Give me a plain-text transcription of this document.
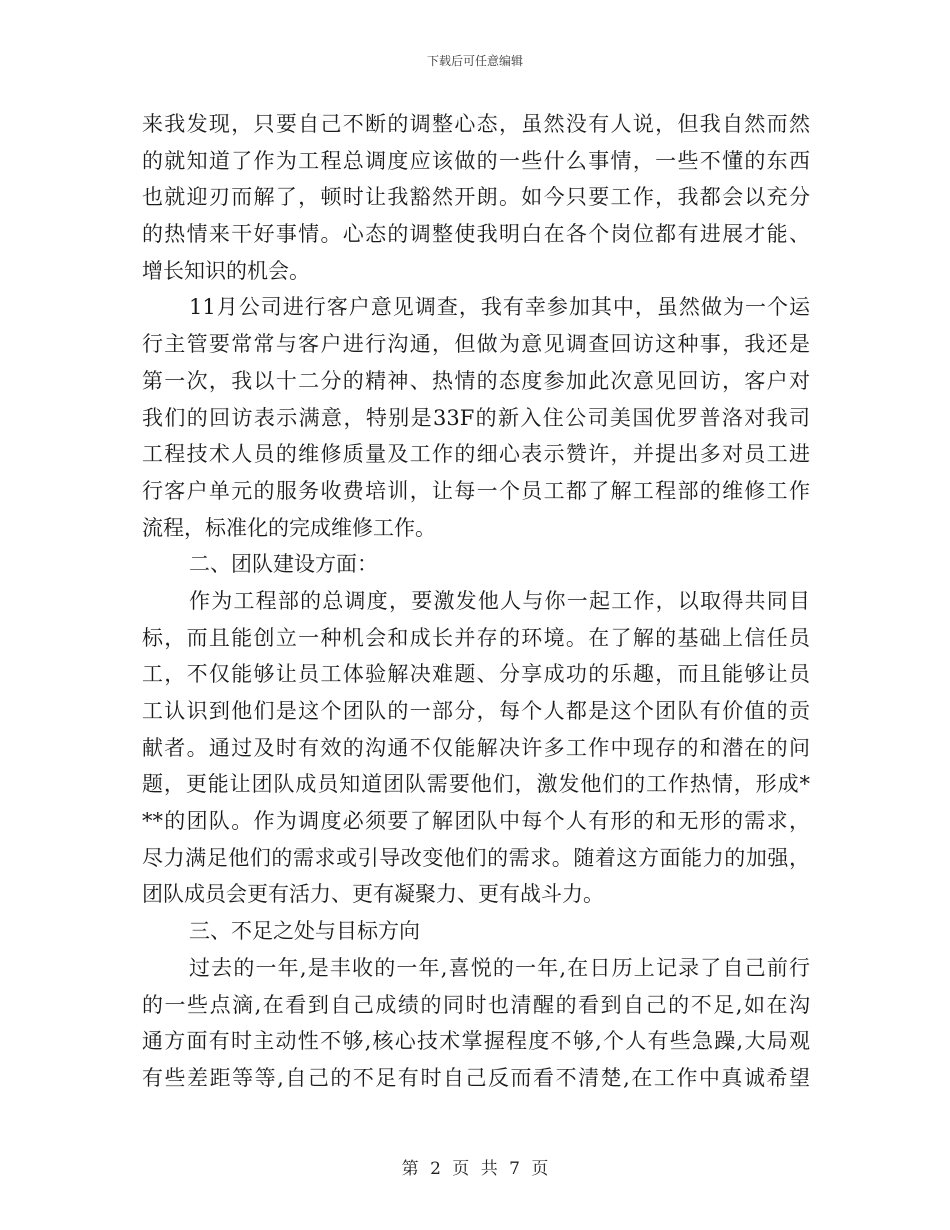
下载后可任意编辑
来我发现，只要自己不断的调整心态，虽然没有人说，但我自然而然
的就知道了作为工程总调度应该做的一些什么事情，一些不懂的东西
也就迎刃而解了，顿时让我豁然开朗。如今只要工作，我都会以充分
的热情来干好事情。心态的调整使我明白在各个岗位都有进展才能、
增长知识的机会。
11月公司进行客户意见调查，我有幸参加其中，虽然做为一个运
行主管要常常与客户进行沟通，但做为意见调查回访这种事，我还是
第一次，我以十二分的精神、热情的态度参加此次意见回访，客户对
我们的回访表示满意，特别是33F的新入住公司美国优罗普洛对我司
工程技术人员的维修质量及工作的细心表示赞许，并提出多对员工进
行客户单元的服务收费培训，让每一个员工都了解工程部的维修工作
流程，标准化的完成维修工作。
二、团队建设方面：
作为工程部的总调度，要激发他人与你一起工作，以取得共同目
标，而且能创立一种机会和成长并存的环境。在了解的基础上信任员
工，不仅能够让员工体验解决难题、分享成功的乐趣，而且能够让员
工认识到他们是这个团队的一部分，每个人都是这个团队有价值的贡
献者。通过及时有效的沟通不仅能解决许多工作中现存的和潜在的问
题，更能让团队成员知道团队需要他们，激发他们的工作热情，形成*
**的团队。作为调度必须要了解团队中每个人有形的和无形的需求，
尽力满足他们的需求或引导改变他们的需求。随着这方面能力的加强，
团队成员会更有活力、更有凝聚力、更有战斗力。
三、不足之处与目标方向
过去的一年,是丰收的一年,喜悦的一年,在日历上记录了自己前行
的一些点滴,在看到自己成绩的同时也清醒的看到自己的不足,如在沟
通方面有时主动性不够,核心技术掌握程度不够,个人有些急躁,大局观
有些差距等等,自己的不足有时自己反而看不清楚,在工作中真诚希望
第 2 页 共 7 页
